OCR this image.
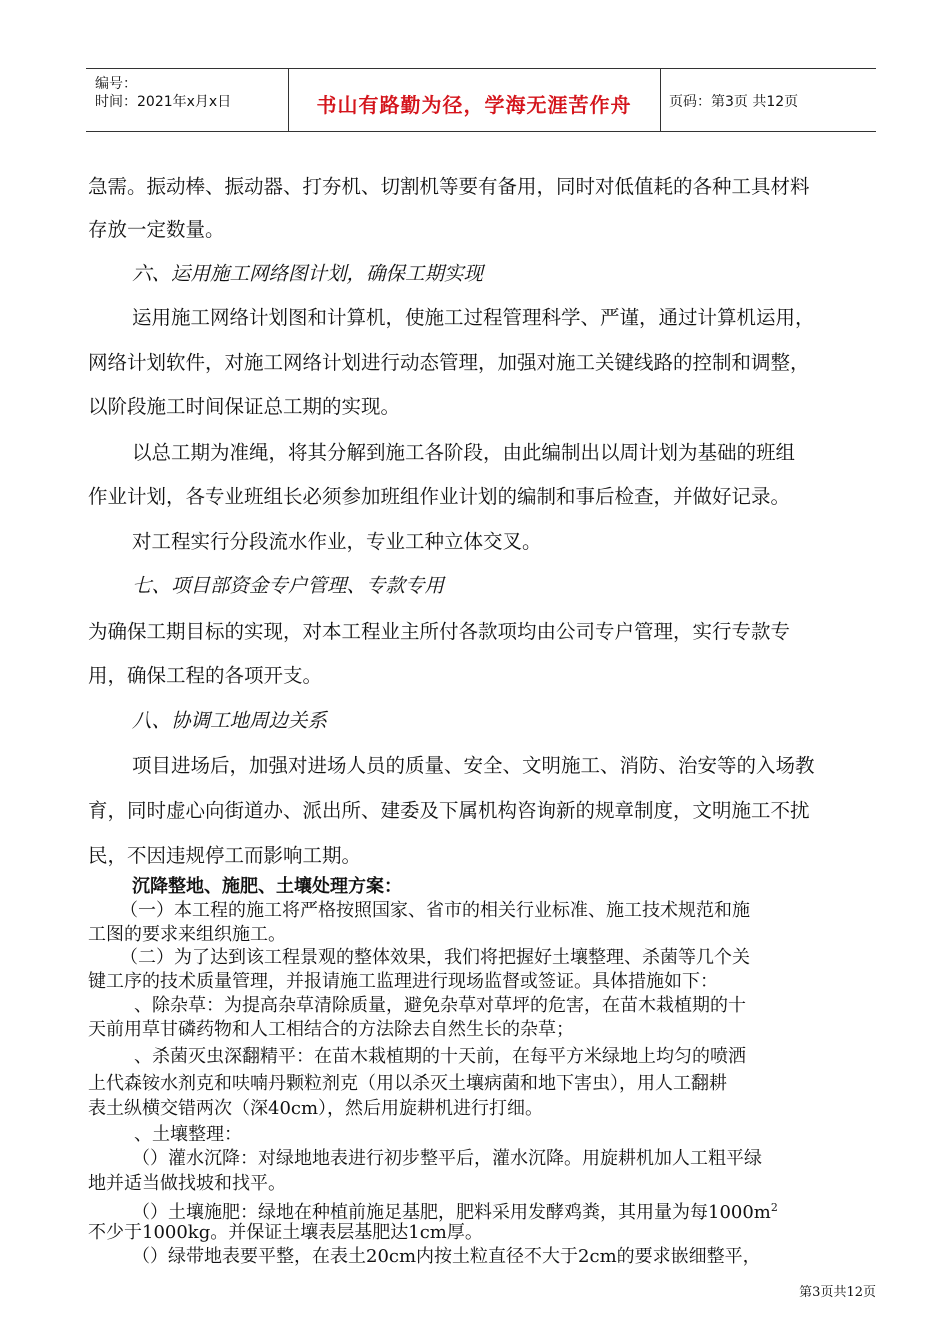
编号：
时间：2021年x月x日	书山有路勤为径，学海无涯苦作舟	页码：第3页 共12页
急需。振动棒、振动器、打夯机、切割机等要有备用，同时对低值耗的各种工具材料
存放一定数量。
六、运用施工网络图计划，确保工期实现
运用施工网络计划图和计算机，使施工过程管理科学、严谨，通过计算机运用，
网络计划软件，对施工网络计划进行动态管理，加强对施工关键线路的控制和调整，
以阶段施工时间保证总工期的实现。
以总工期为准绳，将其分解到施工各阶段，由此编制出以周计划为基础的班组
作业计划，各专业班组长必须参加班组作业计划的编制和事后检查，并做好记录。
对工程实行分段流水作业，专业工种立体交叉。
七、项目部资金专户管理、专款专用
为确保工期目标的实现，对本工程业主所付各款项均由公司专户管理，实行专款专
用，确保工程的各项开支。
八、协调工地周边关系
项目进场后，加强对进场人员的质量、安全、文明施工、消防、治安等的入场教
育，同时虚心向街道办、派出所、建委及下属机构咨询新的规章制度，文明施工不扰
民，不因违规停工而影响工期。
沉降整地、施肥、土壤处理方案：
（一）本工程的施工将严格按照国家、省市的相关行业标准、施工技术规范和施
工图的要求来组织施工。
（二）为了达到该工程景观的整体效果，我们将把握好土壤整理、杀菌等几个关
键工序的技术质量管理，并报请施工监理进行现场监督或签证。具体措施如下：
、除杂草：为提高杂草清除质量，避免杂草对草坪的危害，在苗木栽植期的十
天前用草甘磷药物和人工相结合的方法除去自然生长的杂草；
、杀菌灭虫深翻精平：在苗木栽植期的十天前，在每平方米绿地上均匀的喷洒
上代森铵水剂克和呋喃丹颗粒剂克（用以杀灭土壤病菌和地下害虫），用人工翻耕
表土纵横交错两次（深40cm），然后用旋耕机进行打细。
、土壤整理：
（）灌水沉降：对绿地地表进行初步整平后，灌水沉降。用旋耕机加人工粗平绿
地并适当做找坡和找平。
（）土壤施肥：绿地在种植前施足基肥，肥料采用发酵鸡粪，其用量为每$1000m^2$
不少于1000kg。并保证土壤表层基肥达1cm厚。
（）绿带地表要平整，在表土20cm内按土粒直径不大于2cm的要求嵌细整平，
第3页共12页
